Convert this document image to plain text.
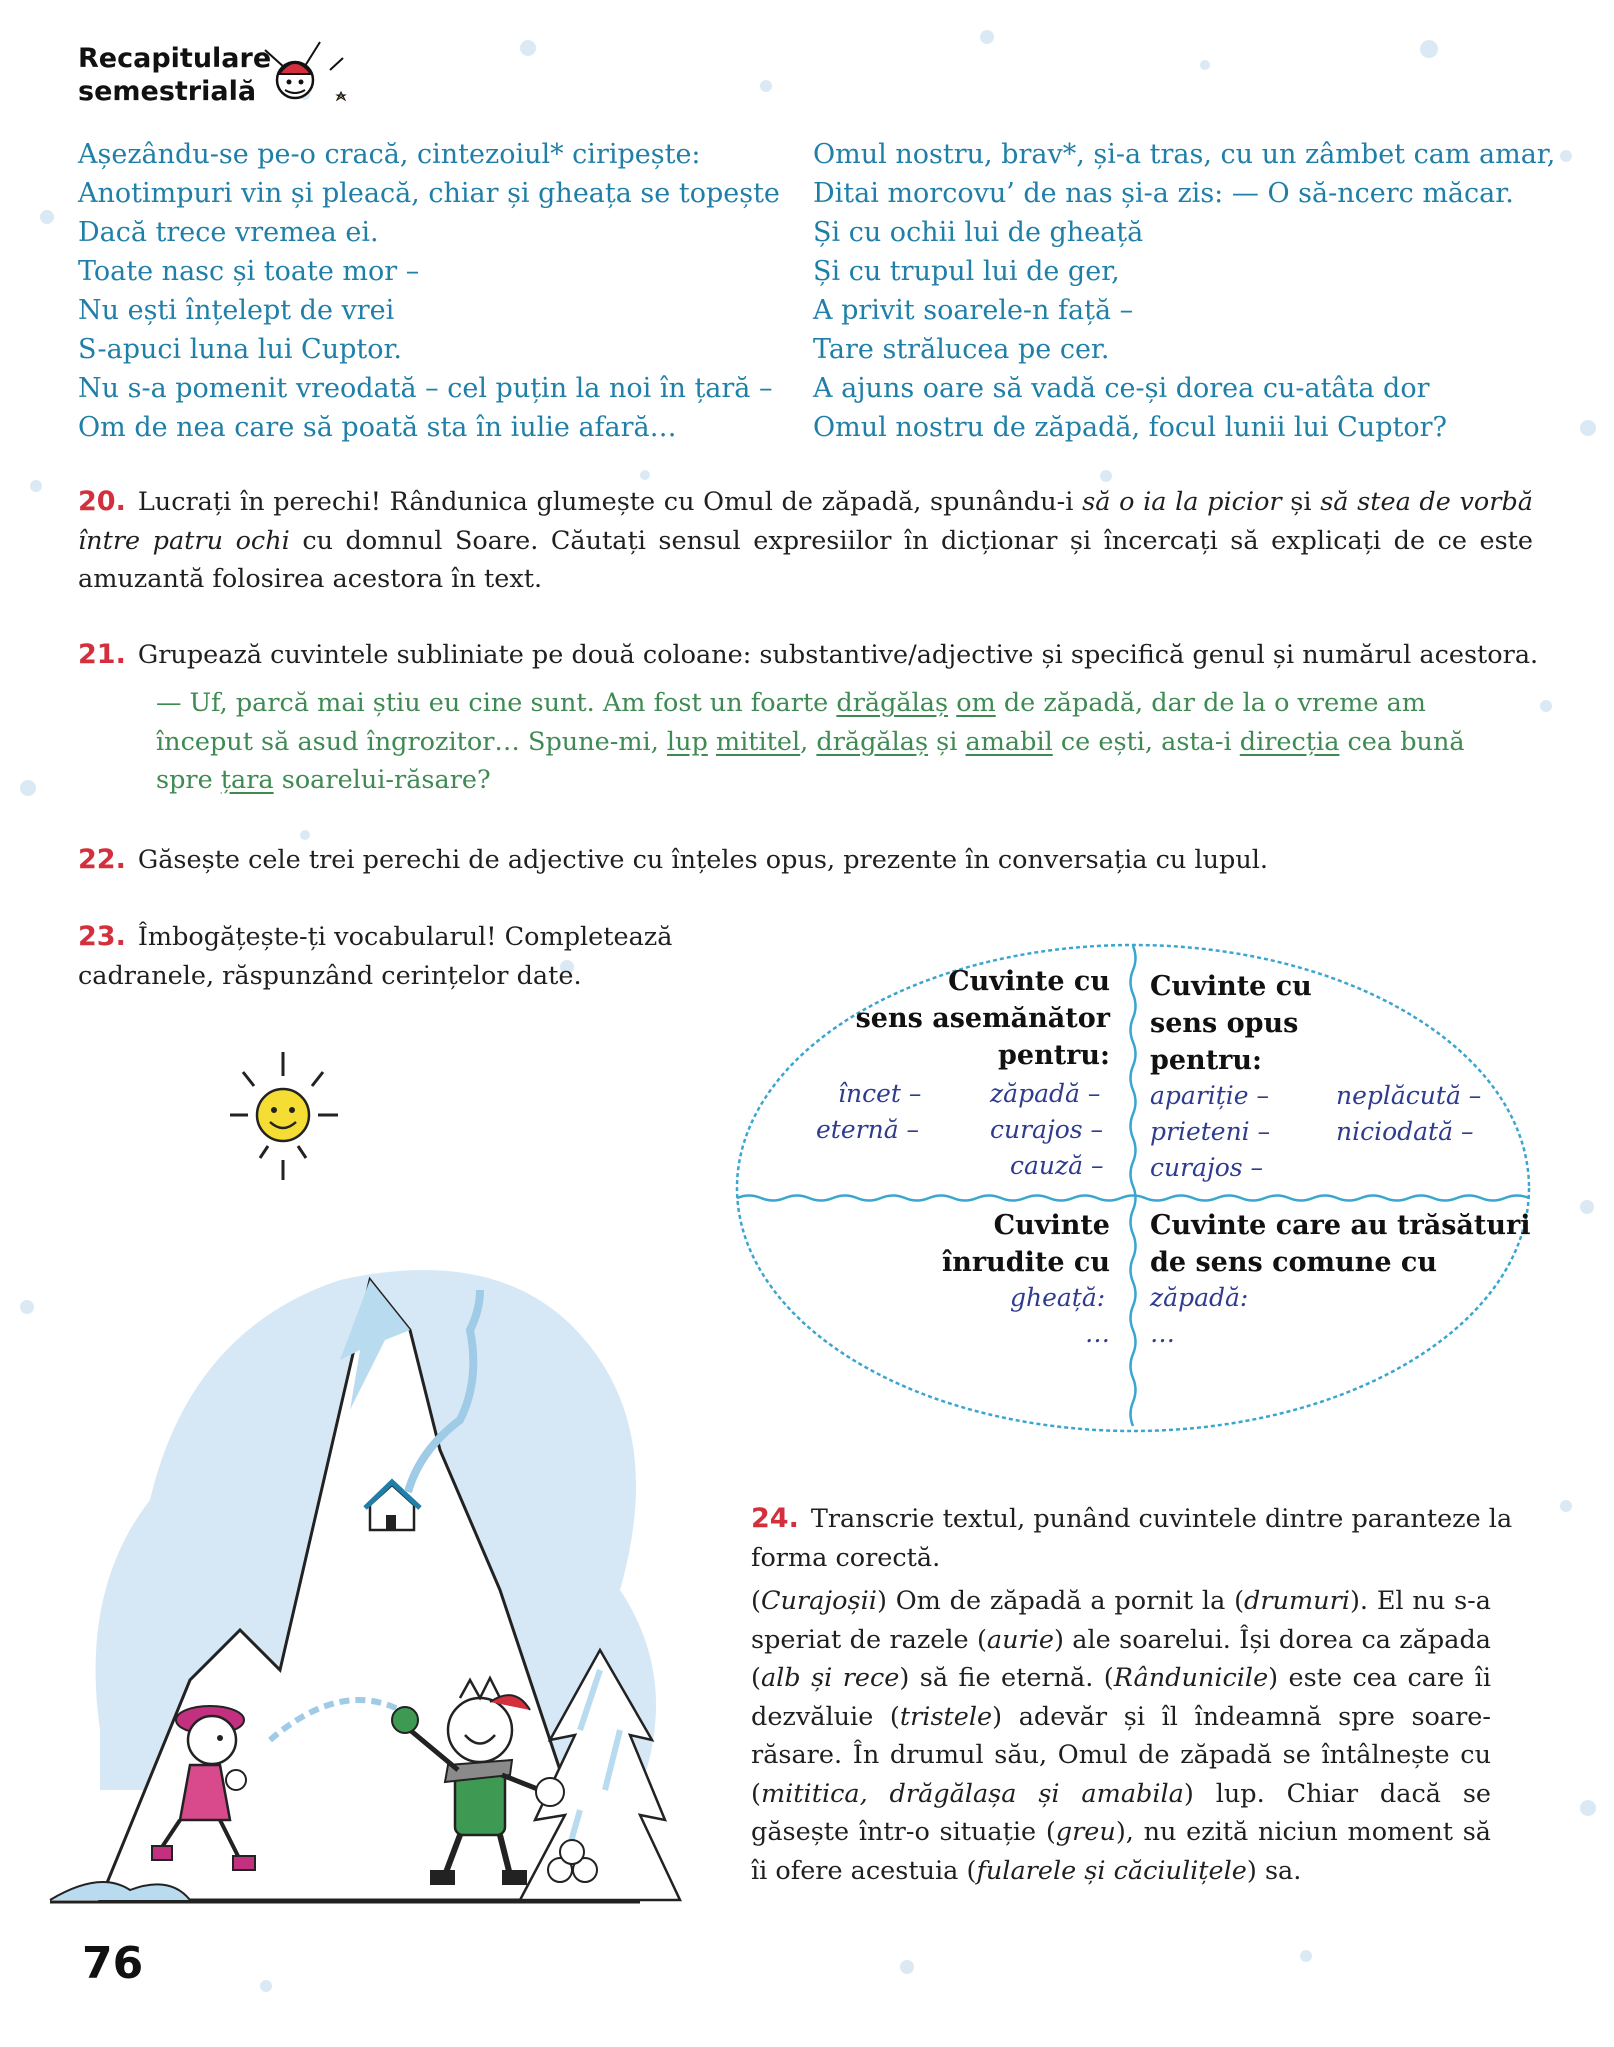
Recapitulare
semestrială
Așezându-se pe-o cracă, cintezoiul* ciripește:
Anotimpuri vin și pleacă, chiar și gheața se topește
Dacă trece vremea ei.
Toate nasc și toate mor –
Nu ești înțelept de vrei
S-apuci luna lui Cuptor.
Nu s-a pomenit vreodată – cel puțin la noi în țară –
Om de nea care să poată sta în iulie afară…
Omul nostru, brav*, și-a tras, cu un zâmbet cam amar,
Ditai morcovu’ de nas și-a zis: — O să-ncerc măcar.
Și cu ochii lui de gheață
Și cu trupul lui de ger,
A privit soarele-n față –
Tare strălucea pe cer.
A ajuns oare să vadă ce-și dorea cu-atâta dor
Omul nostru de zăpadă, focul lunii lui Cuptor?
20. Lucrați în perechi! Rândunica glumește cu Omul de zăpadă, spunându-i să o ia la picior și să stea de vorbă între patru ochi cu domnul Soare. Căutați sensul expresiilor în dicționar și încercați să explicați de ce este amuzantă folosirea acestora în text.
21. Grupează cuvintele subliniate pe două coloane: substantive/adjective și specifică genul și numărul acestora.
— Uf, parcă mai știu eu cine sunt. Am fost un foarte drăgălaș om de zăpadă, dar de la o vreme am început să asud îngrozitor… Spune-mi, lup mititel, drăgălaș și amabil ce ești, asta-i direcția cea bună spre țara soarelui-răsare?
22. Găsește cele trei perechi de adjective cu înțeles opus, prezente în conversația cu lupul.
23. Îmbogățește-ți vocabularul! Completează cadranele, răspunzând cerințelor date.	Cuvinte cu
sens asemănător
pentru:
încet –	zăpadă –
eternă –	curajos –
cauză –
Cuvinte cu
sens opus
pentru:
apariție –	neplăcută –
prieteni –	niciodată –
curajos –
Cuvinte
înrudite cu
gheață:
…
Cuvinte care au trăsături
de sens comune cu
zăpadă:
…
24. Transcrie textul, punând cuvintele dintre paranteze la forma corectă.
(Curajoșii) Om de zăpadă a pornit la (drumuri). El nu s-a speriat de razele (aurie) ale soarelui. Își dorea ca zăpada (alb și rece) să fie eternă. (Rândunicile) este cea care îi dezvăluie (tristele) adevăr și îl îndeamnă spre soare-răsare. În drumul său, Omul de zăpadă se întâlnește cu (mititica, drăgălașa și amabila) lup. Chiar dacă se găsește într-o situație (greu), nu ezită niciun moment să îi ofere acestuia (fularele și căciulițele) sa.
76
